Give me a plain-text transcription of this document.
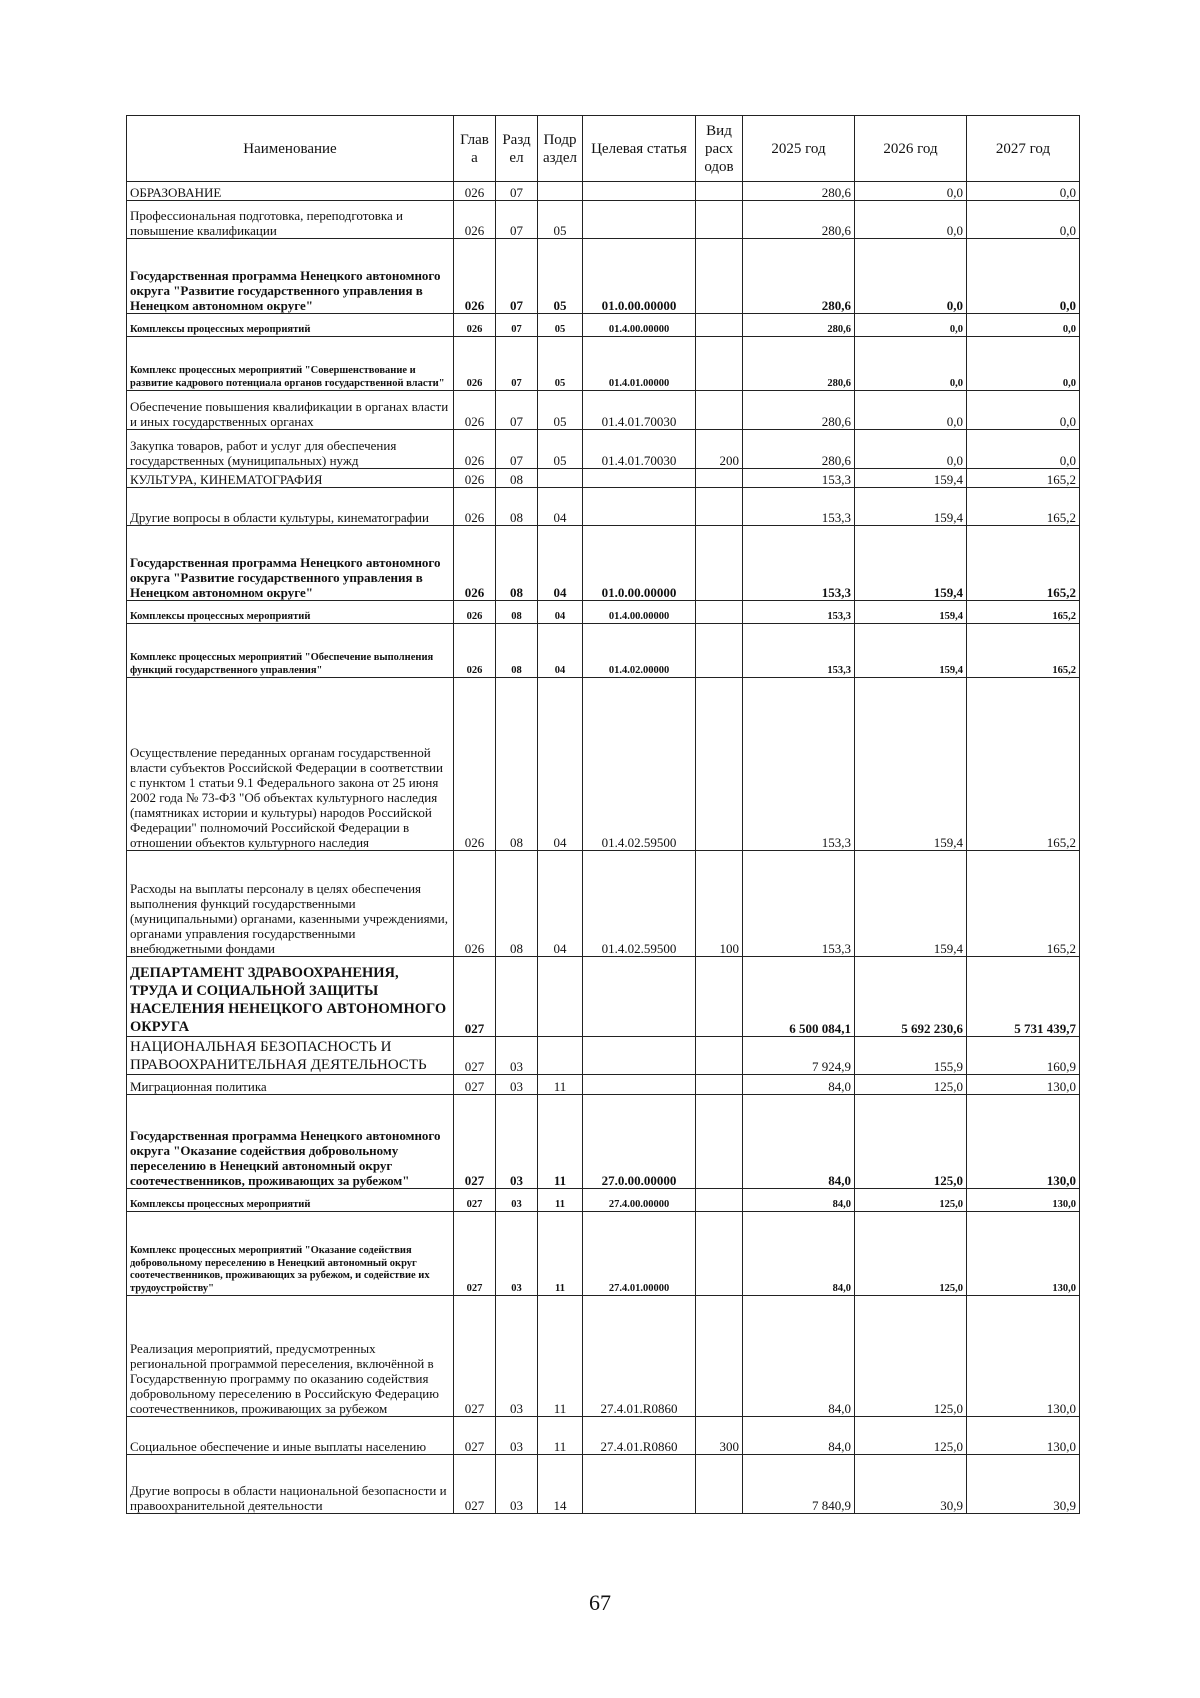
Наименование	Глав а	Разд ел	Подр аздел	Целевая статья	Вид расх одов	2025 год	2026 год	2027 год
ОБРАЗОВАНИЕ	026	07				280,6	0,0	0,0
Профессиональная подготовка, переподготовка и повышение квалификации	026	07	05			280,6	0,0	0,0
Государственная программа Ненецкого автономного округа "Развитие государственного управления в Ненецком автономном округе"	026	07	05	01.0.00.00000		280,6	0,0	0,0
Комплексы процессных мероприятий	026	07	05	01.4.00.00000		280,6	0,0	0,0
Комплекс процессных мероприятий "Совершенствование и развитие кадрового потенциала органов государственной власти"	026	07	05	01.4.01.00000		280,6	0,0	0,0
Обеспечение повышения квалификации в органах власти и иных государственных органах	026	07	05	01.4.01.70030		280,6	0,0	0,0
Закупка товаров, работ и услуг для обеспечения государственных (муниципальных) нужд	026	07	05	01.4.01.70030	200	280,6	0,0	0,0
КУЛЬТУРА, КИНЕМАТОГРАФИЯ	026	08				153,3	159,4	165,2
Другие вопросы в области культуры, кинематографии	026	08	04			153,3	159,4	165,2
Государственная программа Ненецкого автономного округа "Развитие государственного управления в Ненецком автономном округе"	026	08	04	01.0.00.00000		153,3	159,4	165,2
Комплексы процессных мероприятий	026	08	04	01.4.00.00000		153,3	159,4	165,2
Комплекс процессных мероприятий "Обеспечение выполнения функций государственного управления"	026	08	04	01.4.02.00000		153,3	159,4	165,2
Осуществление переданных органам государственной власти субъектов Российской Федерации в соответствии с пунктом 1 статьи 9.1 Федерального закона от 25 июня 2002 года № 73-ФЗ "Об объектах культурного наследия (памятниках истории и культуры) народов Российской Федерации" полномочий Российской Федерации в отношении объектов культурного наследия	026	08	04	01.4.02.59500		153,3	159,4	165,2
Расходы на выплаты персоналу в целях обеспечения выполнения функций государственными (муниципальными) органами, казенными учреждениями, органами управления государственными внебюджетными фондами	026	08	04	01.4.02.59500	100	153,3	159,4	165,2
ДЕПАРТАМЕНТ ЗДРАВООХРАНЕНИЯ, ТРУДА И СОЦИАЛЬНОЙ ЗАЩИТЫ НАСЕЛЕНИЯ НЕНЕЦКОГО АВТОНОМНОГО ОКРУГА	027					6 500 084,1	5 692 230,6	5 731 439,7
НАЦИОНАЛЬНАЯ БЕЗОПАСНОСТЬ И ПРАВООХРАНИТЕЛЬНАЯ ДЕЯТЕЛЬНОСТЬ	027	03				7 924,9	155,9	160,9
Миграционная политика	027	03	11			84,0	125,0	130,0
Государственная программа Ненецкого автономного округа "Оказание содействия добровольному переселению в Ненецкий автономный округ соотечественников, проживающих за рубежом"	027	03	11	27.0.00.00000		84,0	125,0	130,0
Комплексы процессных мероприятий	027	03	11	27.4.00.00000		84,0	125,0	130,0
Комплекс процессных мероприятий "Оказание содействия добровольному переселению в Ненецкий автономный округ соотечественников, проживающих за рубежом, и содействие их трудоустройству"	027	03	11	27.4.01.00000		84,0	125,0	130,0
Реализация мероприятий, предусмотренных региональной программой переселения, включённой в Государственную программу по оказанию содействия добровольному переселению в Российскую Федерацию соотечественников, проживающих за рубежом	027	03	11	27.4.01.R0860		84,0	125,0	130,0
Социальное обеспечение и иные выплаты населению	027	03	11	27.4.01.R0860	300	84,0	125,0	130,0
Другие вопросы в области национальной безопасности и правоохранительной деятельности	027	03	14			7 840,9	30,9	30,9
67
